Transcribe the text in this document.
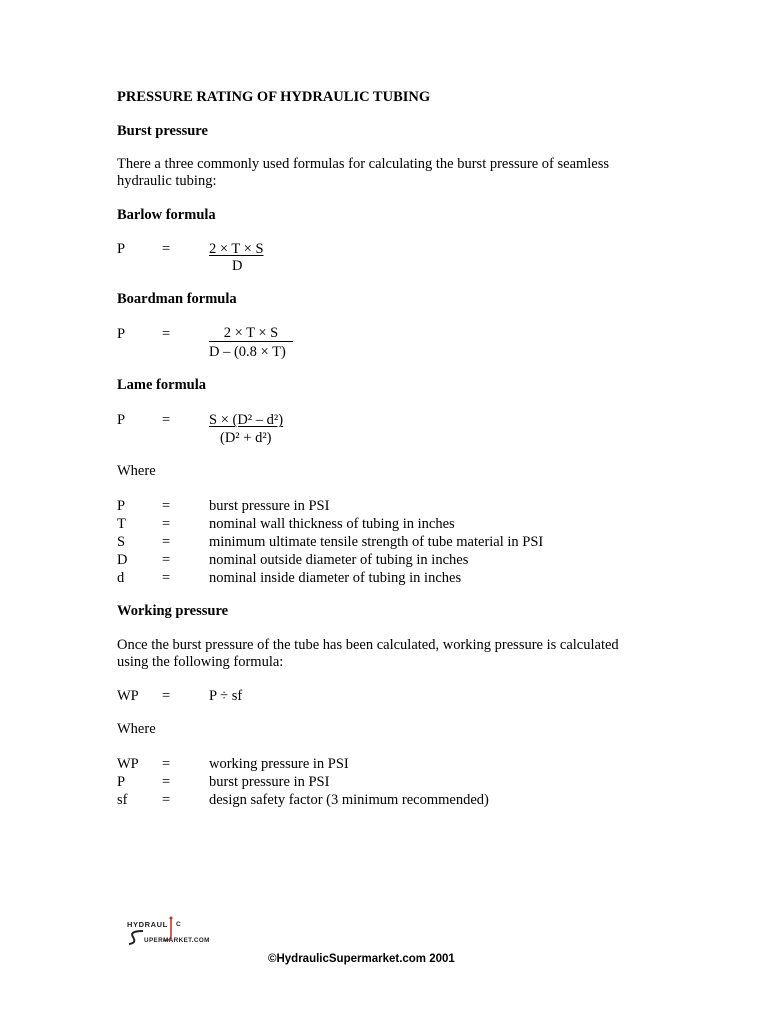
PRESSURE RATING OF HYDRAULIC TUBING
Burst pressure
There a three commonly used formulas for calculating the burst pressure of seamless
hydraulic tubing:
Barlow formula
P	=	2 × T × S
D
Boardman formula
P	=	2 × T × S
D – (0.8 × T)
Lame formula
P	=	S × (D² – d²)
(D² + d²)
Where
P	=	burst pressure in PSI
T =	nominal wall thickness of tubing in inches
S	=	minimum ultimate tensile strength of tube material in PSI
D =	nominal outside diameter of tubing in inches
d	=	nominal inside diameter of tubing in inches
Working pressure
Once the burst pressure of the tube has been calculated, working pressure is calculated
using the following formula:
WP =	P ÷ sf
Where
WP =	working pressure in PSI
P	=	burst pressure in PSI
sf =	design safety factor (3 minimum recommended)
HYDRAUL C
UPERMARKET.COM
©HydraulicSupermarket.com 2001
